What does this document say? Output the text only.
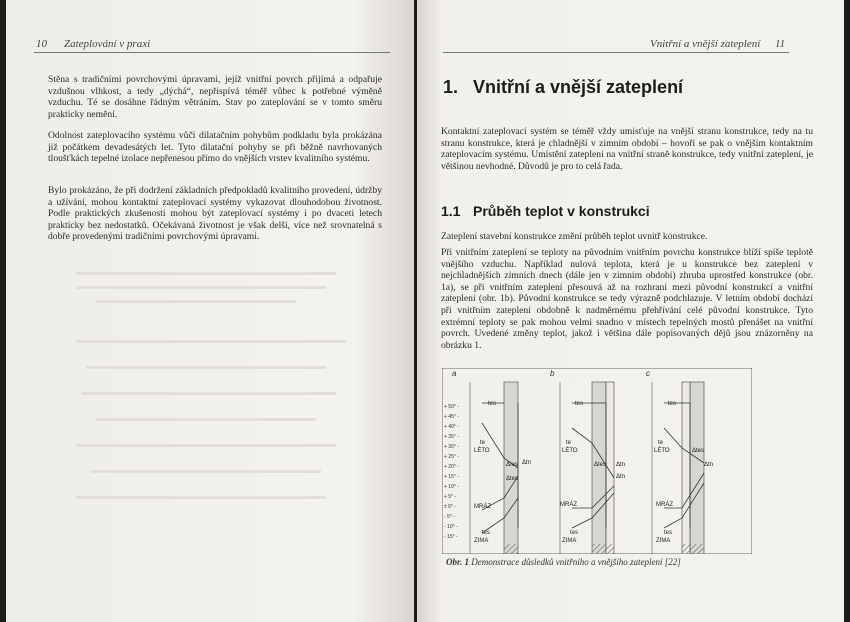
10 Zateplování v praxi

Stěna s tradičními povrchovými úpravami, jejíž vnitřní povrch přijímá a odpařuje vzdušnou vlhkost, a tedy „dýchá“, nepřispívá téměř vůbec k potřebné výměně vzduchu. Té se dosáhne řádným větráním. Stav po zateplování se v tomto směru prakticky nemění.

Odolnost zateplovacího systému vůči dilatačním pohybům podkladu byla prokázána již počátkem devadesátých let. Tyto dilatační pohyby se při běžně navrhovaných tloušťkách tepelné izolace nepřenesou přímo do vnějších vrstev kvalitního systému.

Bylo prokázáno, že při dodržení základních předpokladů kvalitního provedení, údržby a užívání, mohou kontaktní zateplovací systémy vykazovat dlouhodobou životnost. Podle praktických zkušeností mohou být zateplovací systémy i po dvaceti letech prakticky bez nedostatků. Očekávaná životnost je však delší, více než srovnatelná s dobře provedenými tradičními povrchovými úpravami.

Vnitřní a vnější zateplení 11
1. Vnitřní a vnější zateplení

Kontaktní zateplovací systém se téměř vždy umisťuje na vnější stranu konstrukce, tedy na tu stranu konstrukce, která je chladnější v zimním období – hovoří se pak o vnějším kontaktním zateplovacím systému. Umístění zateplení na vnitřní straně konstrukce, tedy vnitřní zateplení, je většinou nevhodné. Důvodů je pro to celá řada.

1.1 Průběh teplot v konstrukci

Zateplení stavební konstrukce změní průběh teplot uvnitř konstrukce.

Při vnitřním zateplení se teploty na původním vnitřním povrchu konstrukce blíží spíše teplotě vnějšího vzduchu. Například nulová teplota, která je u konstrukce bez zateplení v nejchladnějších zimních dnech (dále jen v zimním období) zhruba uprostřed konstrukce (obr. 1a), se při vnitřním zateplení přesouvá až na rozhraní mezi původní konstrukcí a vnitřní zateplení (obr. 1b). Původní konstrukce se tedy výrazně podchlazuje. V letním období dochází při vnitřním zateplení obdobně k nadměrnému přehřívání celé původní konstrukce. Tyto extrémní teploty se pak mohou velmi snadno v místech tepelných mostů přenášet na vnitřní povrch. Uvedené změny teplot, jakož i většina dále popisovaných dějů jsou znázorněny na obrázku 1.

Obr. 1 Demonstrace důsledků vnitřního a vnějšího zateplení [22]
a	b	c
+ 50° -
+ 45° -
+ 40° -
+ 35° -
+ 30° -
+ 25° -
+ 20° -
+ 15° -
+ 10° -
+ 5° -
± 0° -
- 5° -
- 10° -
- 15° -
tes
te
LÉTO
MRÁZ
tes
ZIMA
Δtes
Δtes
Δtn
tes
te
LÉTO
MRÁZ
tes
ZIMA
Δtes Δtn
Δtn
tes
te
LÉTO
MRÁZ
tes
ZIMA
Δtes
Δtn
